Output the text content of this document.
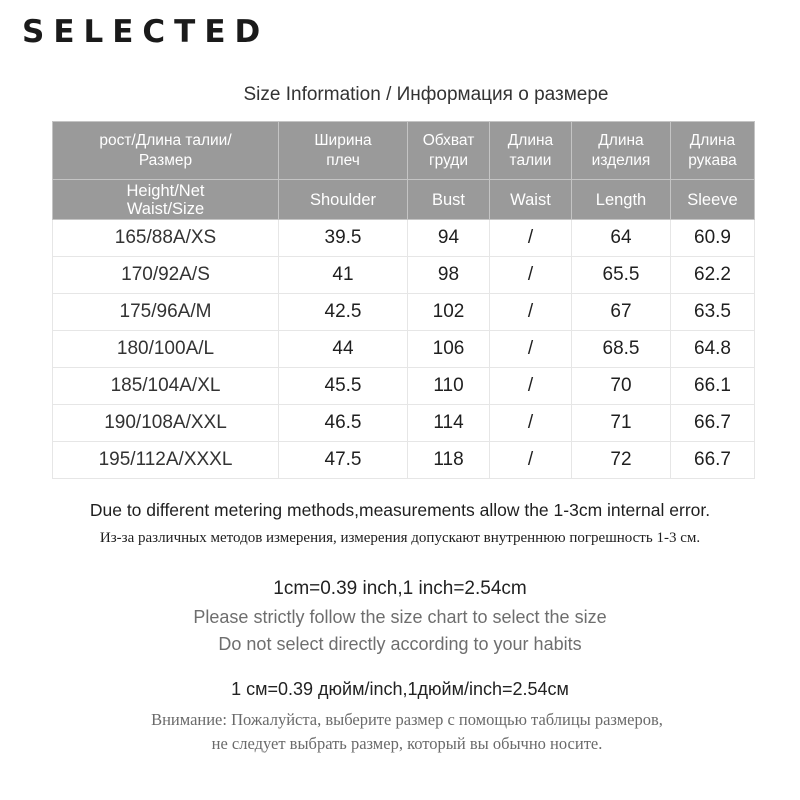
SELECTED
Size Information / Информация о размере
рост/Длина талии/Размер	Ширина плеч	Обхват груди	Длина талии	Длина изделия	Длина рукава
Height/Net Waist/Size	Shoulder	Bust	Waist	Length	Sleeve
165/88A/XS	39.5	94	/	64	60.9
170/92A/S	41	98	/	65.5	62.2
175/96A/M	42.5	102	/	67	63.5
180/100A/L	44	106	/	68.5	64.8
185/104A/XL	45.5	110	/	70	66.1
190/108A/XXL	46.5	114	/	71	66.7
195/112A/XXXL	47.5	118	/	72	66.7
Due to different metering methods,measurements allow the 1-3cm internal error.
Из-за различных методов измерения, измерения допускают внутреннюю погрешность 1-3 см.
1cm=0.39 inch,1 inch=2.54cm
Please strictly follow the size chart to select the size
Do not select directly according to your habits
1 см=0.39 дюйм/inch,1дюйм/inch=2.54см
Внимание: Пожалуйста, выберите размер с помощью таблицы размеров,
не следует выбрать размер, который вы обычно носите.
